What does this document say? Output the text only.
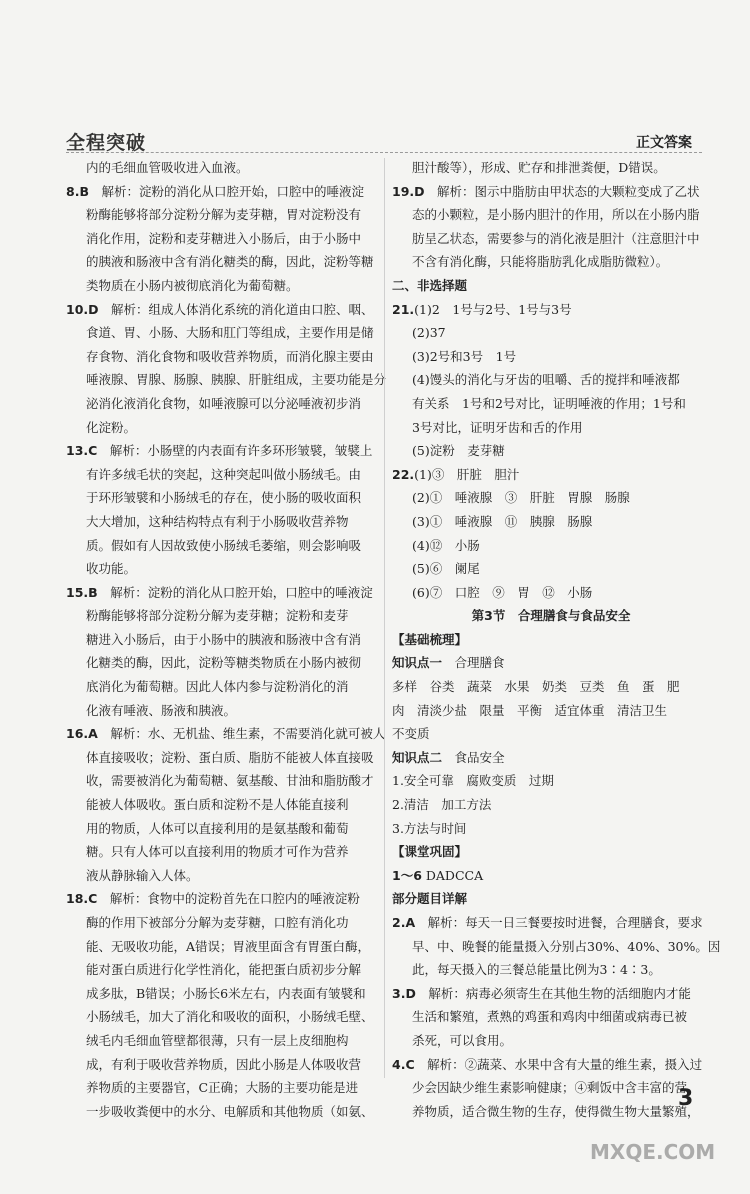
全程突破	正文答案
内的毛细血管吸收进入血液。
8.B  解析：淀粉的消化从口腔开始，口腔中的唾液淀
粉酶能够将部分淀粉分解为麦芽糖，胃对淀粉没有
消化作用，淀粉和麦芽糖进入小肠后，由于小肠中
的胰液和肠液中含有消化糖类的酶，因此，淀粉等糖
类物质在小肠内被彻底消化为葡萄糖。
10.D  解析：组成人体消化系统的消化道由口腔、咽、
食道、胃、小肠、大肠和肛门等组成，主要作用是储
存食物、消化食物和吸收营养物质，而消化腺主要由
唾液腺、胃腺、肠腺、胰腺、肝脏组成，主要功能是分
泌消化液消化食物，如唾液腺可以分泌唾液初步消
化淀粉。
13.C  解析：小肠壁的内表面有许多环形皱襞，皱襞上
有许多绒毛状的突起，这种突起叫做小肠绒毛。由
于环形皱襞和小肠绒毛的存在，使小肠的吸收面积
大大增加，这种结构特点有利于小肠吸收营养物
质。假如有人因故致使小肠绒毛萎缩，则会影响吸
收功能。
15.B  解析：淀粉的消化从口腔开始，口腔中的唾液淀
粉酶能够将部分淀粉分解为麦芽糖；淀粉和麦芽
糖进入小肠后，由于小肠中的胰液和肠液中含有消
化糖类的酶，因此，淀粉等糖类物质在小肠内被彻
底消化为葡萄糖。因此人体内参与淀粉消化的消
化液有唾液、肠液和胰液。
16.A  解析：水、无机盐、维生素，不需要消化就可被人
体直接吸收；淀粉、蛋白质、脂肪不能被人体直接吸
收，需要被消化为葡萄糖、氨基酸、甘油和脂肪酸才
能被人体吸收。蛋白质和淀粉不是人体能直接利
用的物质，人体可以直接利用的是氨基酸和葡萄
糖。只有人体可以直接利用的物质才可作为营养
液从静脉输入人体。
18.C  解析：食物中的淀粉首先在口腔内的唾液淀粉
酶的作用下被部分分解为麦芽糖，口腔有消化功
能、无吸收功能，A错误；胃液里面含有胃蛋白酶，
能对蛋白质进行化学性消化，能把蛋白质初步分解
成多肽，B错误；小肠长6米左右，内表面有皱襞和
小肠绒毛，加大了消化和吸收的面积，小肠绒毛壁、
绒毛内毛细血管壁都很薄，只有一层上皮细胞构
成，有利于吸收营养物质，因此小肠是人体吸收营
养物质的主要器官，C正确；大肠的主要功能是进
一步吸收粪便中的水分、电解质和其他物质（如氨、
胆汁酸等），形成、贮存和排泄粪便，D错误。
19.D  解析：图示中脂肪由甲状态的大颗粒变成了乙状
态的小颗粒，是小肠内胆汁的作用，所以在小肠内脂
肪呈乙状态，需要参与的消化液是胆汁（注意胆汁中
不含有消化酶，只能将脂肪乳化成脂肪微粒）。
二、非选择题
21.(1)2　1号与2号、1号与3号
(2)37
(3)2号和3号　1号
(4)馒头的消化与牙齿的咀嚼、舌的搅拌和唾液都
有关系　1号和2号对比，证明唾液的作用；1号和
3号对比，证明牙齿和舌的作用
(5)淀粉　麦芽糖
22.(1)③　肝脏　胆汁
(2)①　唾液腺　③　肝脏　胃腺　肠腺
(3)①　唾液腺　⑪　胰腺　肠腺
(4)⑫　小肠
(5)⑥　阑尾
(6)⑦　口腔　⑨　胃　⑫　小肠
第3节　合理膳食与食品安全
【基础梳理】
知识点一　合理膳食
多样　谷类　蔬菜　水果　奶类　豆类　鱼　蛋　肥
肉　清淡少盐　限量　平衡　适宜体重　清洁卫生
不变质
知识点二　食品安全
1.安全可靠　腐败变质　过期
2.清洁　加工方法
3.方法与时间
【课堂巩固】
1～6 DADCCA
部分题目详解
2.A  解析：每天一日三餐要按时进餐，合理膳食，要求
早、中、晚餐的能量摄入分别占30%、40%、30%。因
此，每天摄入的三餐总能量比例为3∶4∶3。
3.D  解析：病毒必须寄生在其他生物的活细胞内才能
生活和繁殖，煮熟的鸡蛋和鸡肉中细菌或病毒已被
杀死，可以食用。
4.C  解析：②蔬菜、水果中含有大量的维生素，摄入过
少会因缺少维生素影响健康；④剩饭中含丰富的营
养物质，适合微生物的生存，使得微生物大量繁殖，
3
MXQE.COM
